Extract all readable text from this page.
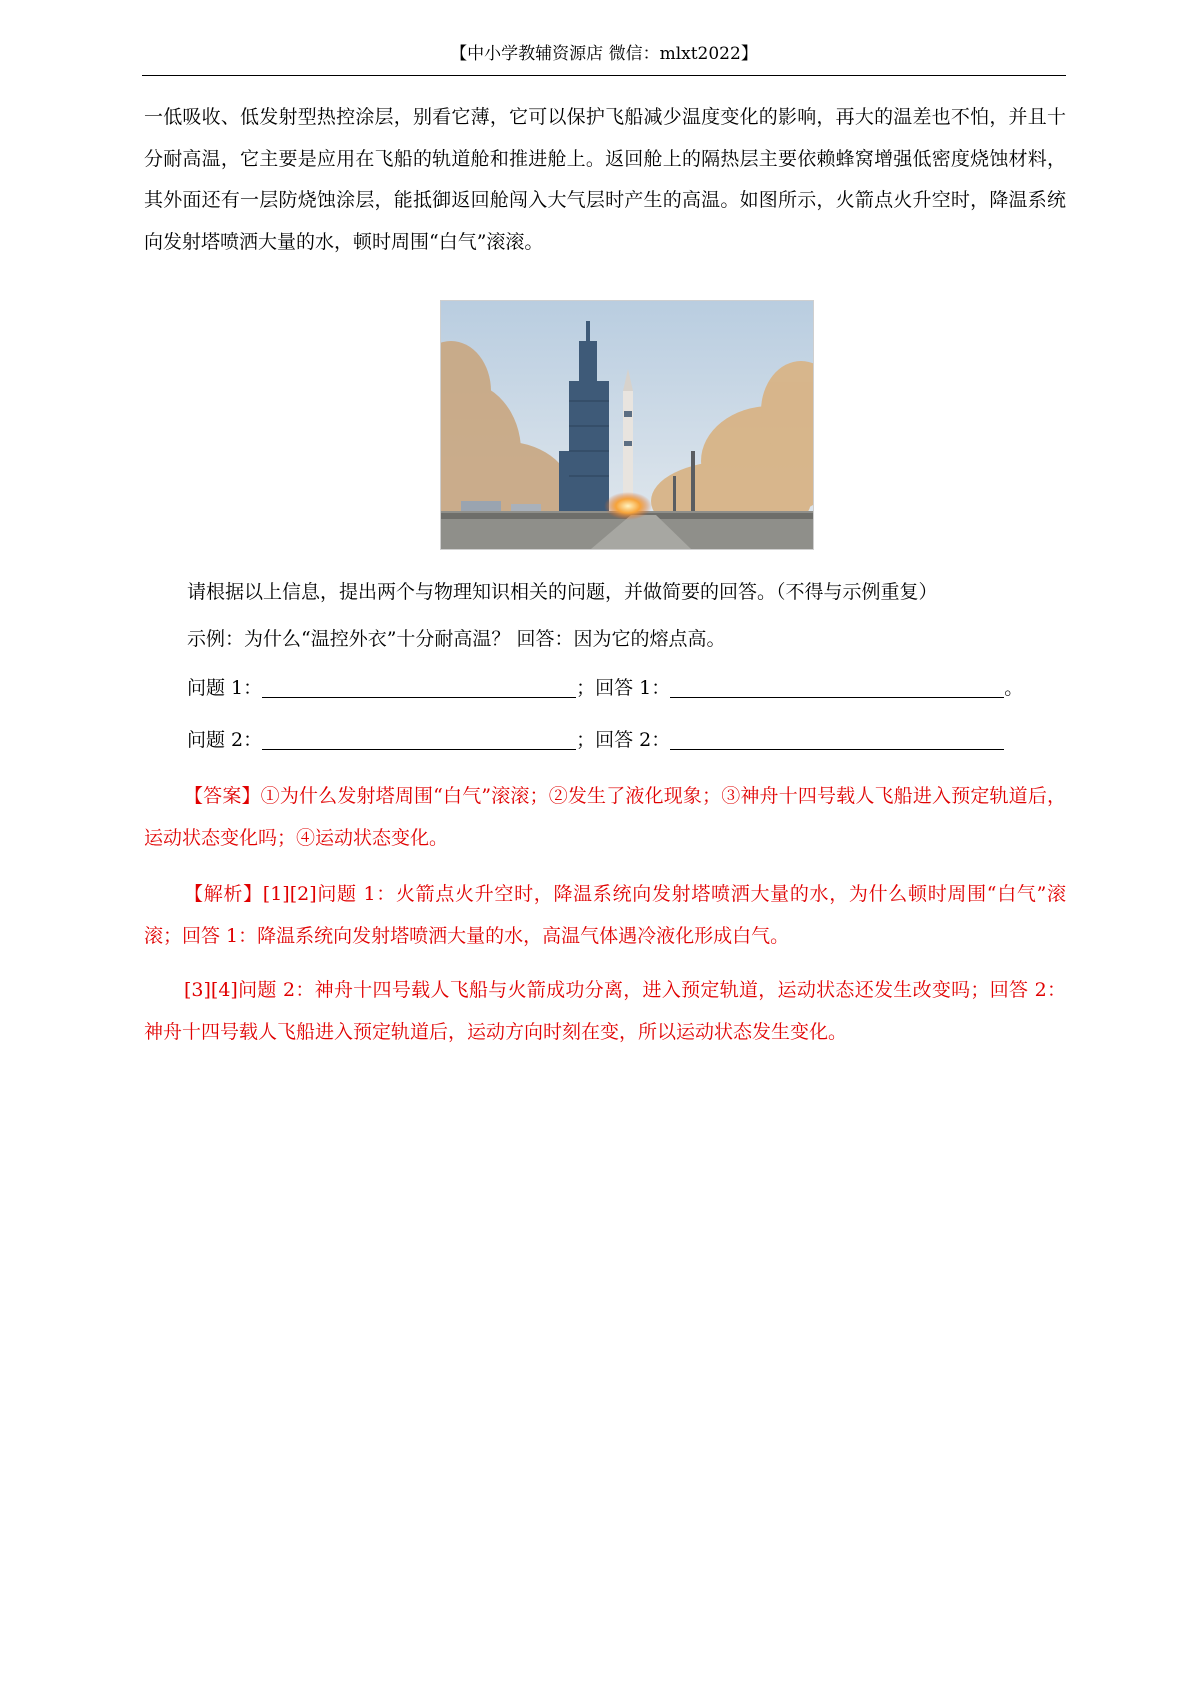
【中小学教辅资源店 微信：mlxt2022】
一低吸收、低发射型热控涂层，别看它薄，它可以保护飞船减少温度变化的影响，再大的温差也不怕，并且十分耐高温，它主要是应用在飞船的轨道舱和推进舱上。返回舱上的隔热层主要依赖蜂窝增强低密度烧蚀材料，其外面还有一层防烧蚀涂层，能抵御返回舱闯入大气层时产生的高温。如图所示，火箭点火升空时，降温系统向发射塔喷洒大量的水，顿时周围“白气”滚滚。
请根据以上信息，提出两个与物理知识相关的问题，并做简要的回答。（不得与示例重复）
示例：为什么“温控外衣”十分耐高温？ 回答：因为它的熔点高。
问题 1：	；回答 1：	。
问题 2：	；回答 2：
【答案】①为什么发射塔周围“白气”滚滚；②发生了液化现象；③神舟十四号载人飞船进入预定轨道后，运动状态变化吗；④运动状态变化。
【解析】[1][2]问题 1：火箭点火升空时，降温系统向发射塔喷洒大量的水，为什么顿时周围“白气”滚滚；回答 1：降温系统向发射塔喷洒大量的水，高温气体遇冷液化形成白气。
[3][4]问题 2：神舟十四号载人飞船与火箭成功分离，进入预定轨道，运动状态还发生改变吗；回答 2：神舟十四号载人飞船进入预定轨道后，运动方向时刻在变，所以运动状态发生变化。
